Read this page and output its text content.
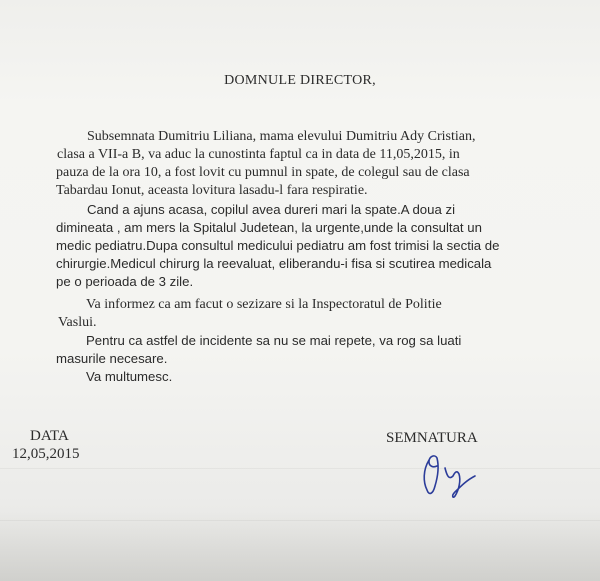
DOMNULE DIRECTOR,
Subsemnata Dumitriu Liliana, mama elevului Dumitriu Ady Cristian,
clasa a VII-a B, va aduc la cunostinta faptul ca in data de 11,05,2015, in
pauza de la ora 10, a fost lovit cu pumnul in spate, de colegul sau de clasa
Tabardau Ionut, aceasta lovitura lasadu-l fara respiratie.
Cand a ajuns acasa, copilul avea dureri mari la spate.A doua zi
dimineata , am mers la Spitalul Judetean, la urgente,unde la consultat un
medic pediatru.Dupa consultul medicului pediatru am fost trimisi la sectia de
chirurgie.Medicul chirurg la reevaluat, eliberandu-i fisa si scutirea medicala
pe o perioada de 3 zile.
Va informez ca am facut o sezizare si la Inspectoratul de Politie
Vaslui.
Pentru ca astfel de incidente sa nu se mai repete, va rog sa luati
masurile necesare.
Va multumesc.
DATA
12,05,2015
SEMNATURA
